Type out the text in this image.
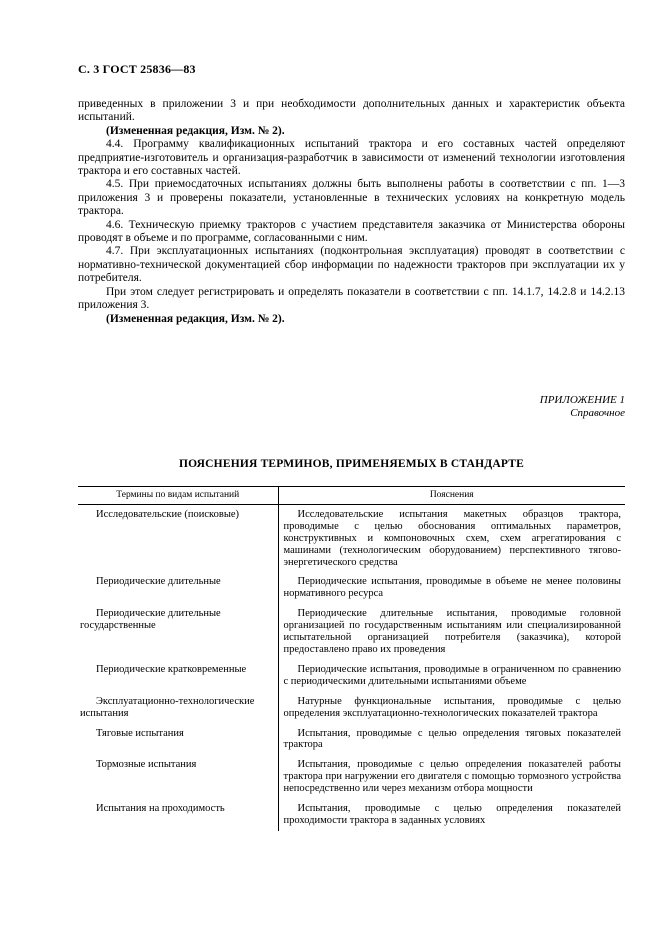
С. 3 ГОСТ 25836—83

приведенных в приложении 3 и при необходимости дополнительных данных и характеристик объекта испытаний.

(Измененная редакция, Изм. № 2).

4.4. Программу квалификационных испытаний трактора и его составных частей определяют предприятие-изготовитель и организация-разработчик в зависимости от изменений технологии изготовления трактора и его составных частей.

4.5. При приемосдаточных испытаниях должны быть выполнены работы в соответствии с пп. 1—3 приложения 3 и проверены показатели, установленные в технических условиях на конкретную модель трактора.

4.6. Техническую приемку тракторов с участием представителя заказчика от Министерства обороны проводят в объеме и по программе, согласованными с ним.

4.7. При эксплуатационных испытаниях (подконтрольная эксплуатация) проводят в соответствии с нормативно-технической документацией сбор информации по надежности тракторов при эксплуатации их у потребителя.

При этом следует регистрировать и определять показатели в соответствии с пп. 14.1.7, 14.2.8 и 14.2.13 приложения 3.

(Измененная редакция, Изм. № 2).

ПРИЛОЖЕНИЕ 1
Справочное
ПОЯСНЕНИЯ ТЕРМИНОВ, ПРИМЕНЯЕМЫХ В СТАНДАРТЕ
Термины по видам испытаний	Пояснения

Исследовательские (поисковые)	Исследовательские испытания макетных образцов трактора, проводимые с целью обоснования оптимальных параметров, конструктивных и компоновочных схем, схем агрегатирования с машинами (технологическим оборудованием) перспективного тягово-энергетического средства

Периодические длительные	Периодические испытания, проводимые в объеме не менее половины нормативного ресурса

Периодические длительные государственные	Периодические длительные испытания, проводимые головной организацией по государственным испытаниям или специализированной испытательной организацией потребителя (заказчика), которой предоставлено право их проведения

Периодические кратковременные	Периодические испытания, проводимые в ограниченном по сравнению с периодическими длительными испытаниями объеме

Эксплуатационно-технологические испытания	Натурные функциональные испытания, проводимые с целью определения эксплуатационно-технологических показателей трактора

Тяговые испытания	Испытания, проводимые с целью определения тяговых показателей трактора

Тормозные испытания	Испытания, проводимые с целью определения показателей работы трактора при нагружении его двигателя с помощью тормозного устройства непосредственно или через механизм отбора мощности

Испытания на проходимость	Испытания, проводимые с целью определения показателей проходимости трактора в заданных условиях
